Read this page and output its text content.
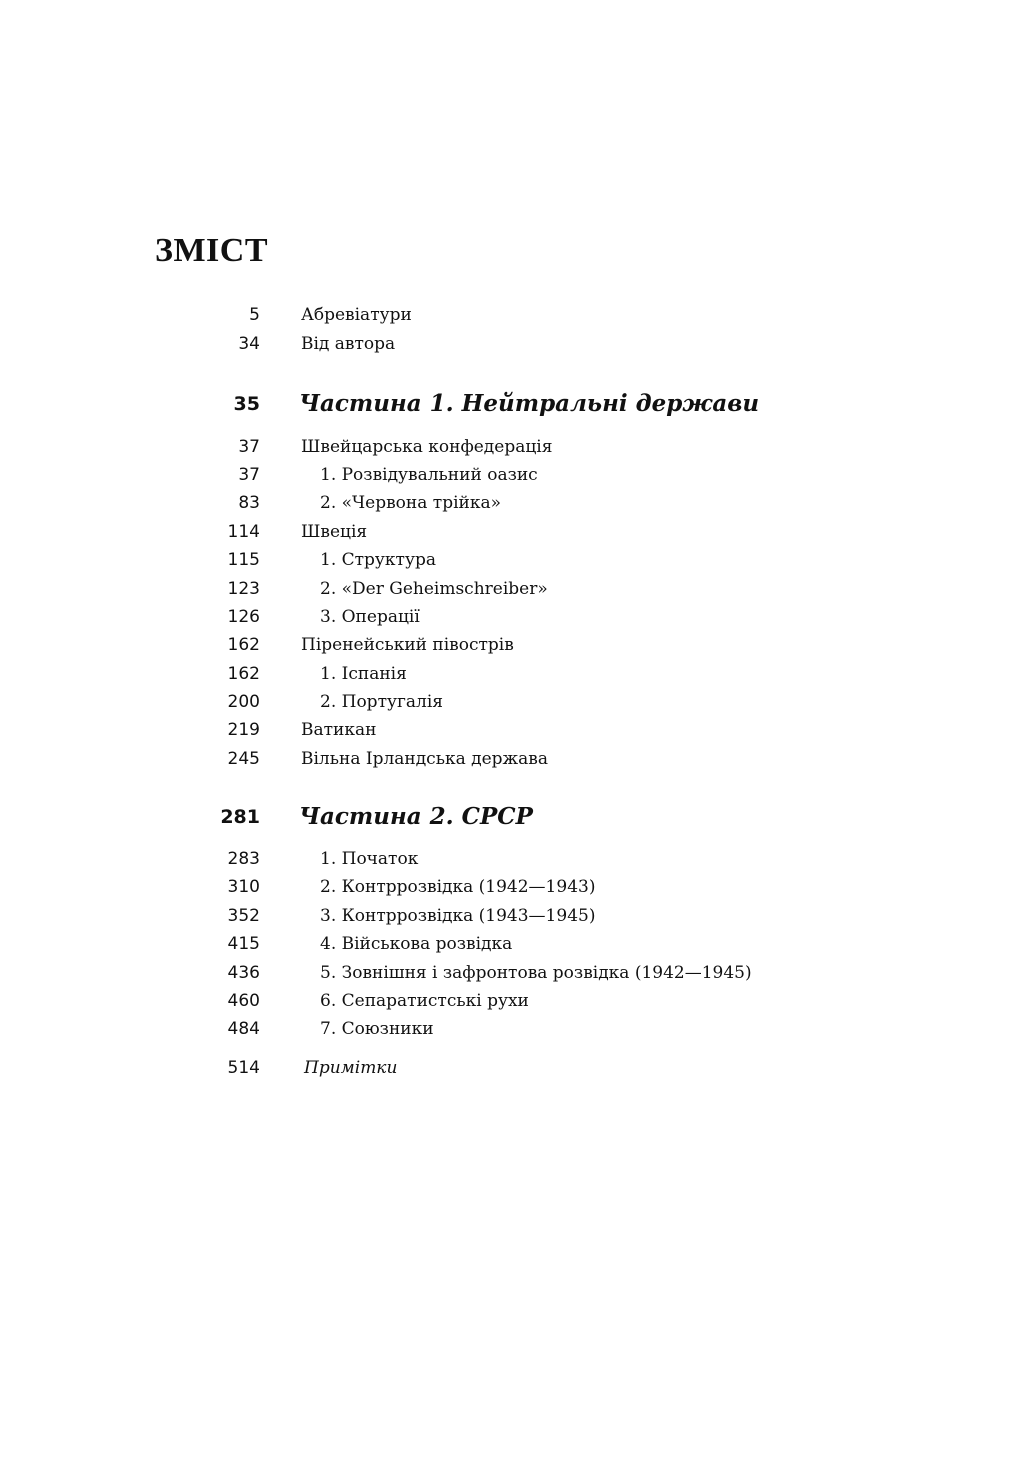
ЗМІСТ
5 Абревіатури
34 Від автора
35 Частина 1. Нейтральні держави
37 Швейцарська конфедерація
37	1. Розвідувальний оазис
83	2. «Червона трійка»
114 Швеція
115	1. Структура
123	2. «Der Geheimschreiber»
126	3. Операції
162 Піренейський півострів
162	1. Іспанія
200	2. Португалія
219 Ватикан
245 Вільна Ірландська держава
281 Частина 2. СРСР
283	1. Початок
310	2. Контррозвідка (1942—1943)
352	3. Контррозвідка (1943—1945)
415	4. Військова розвідка
436	5. Зовнішня і зафронтова розвідка (1942—1945)
460	6. Сепаратистські рухи
484	7. Союзники
514	Примітки
